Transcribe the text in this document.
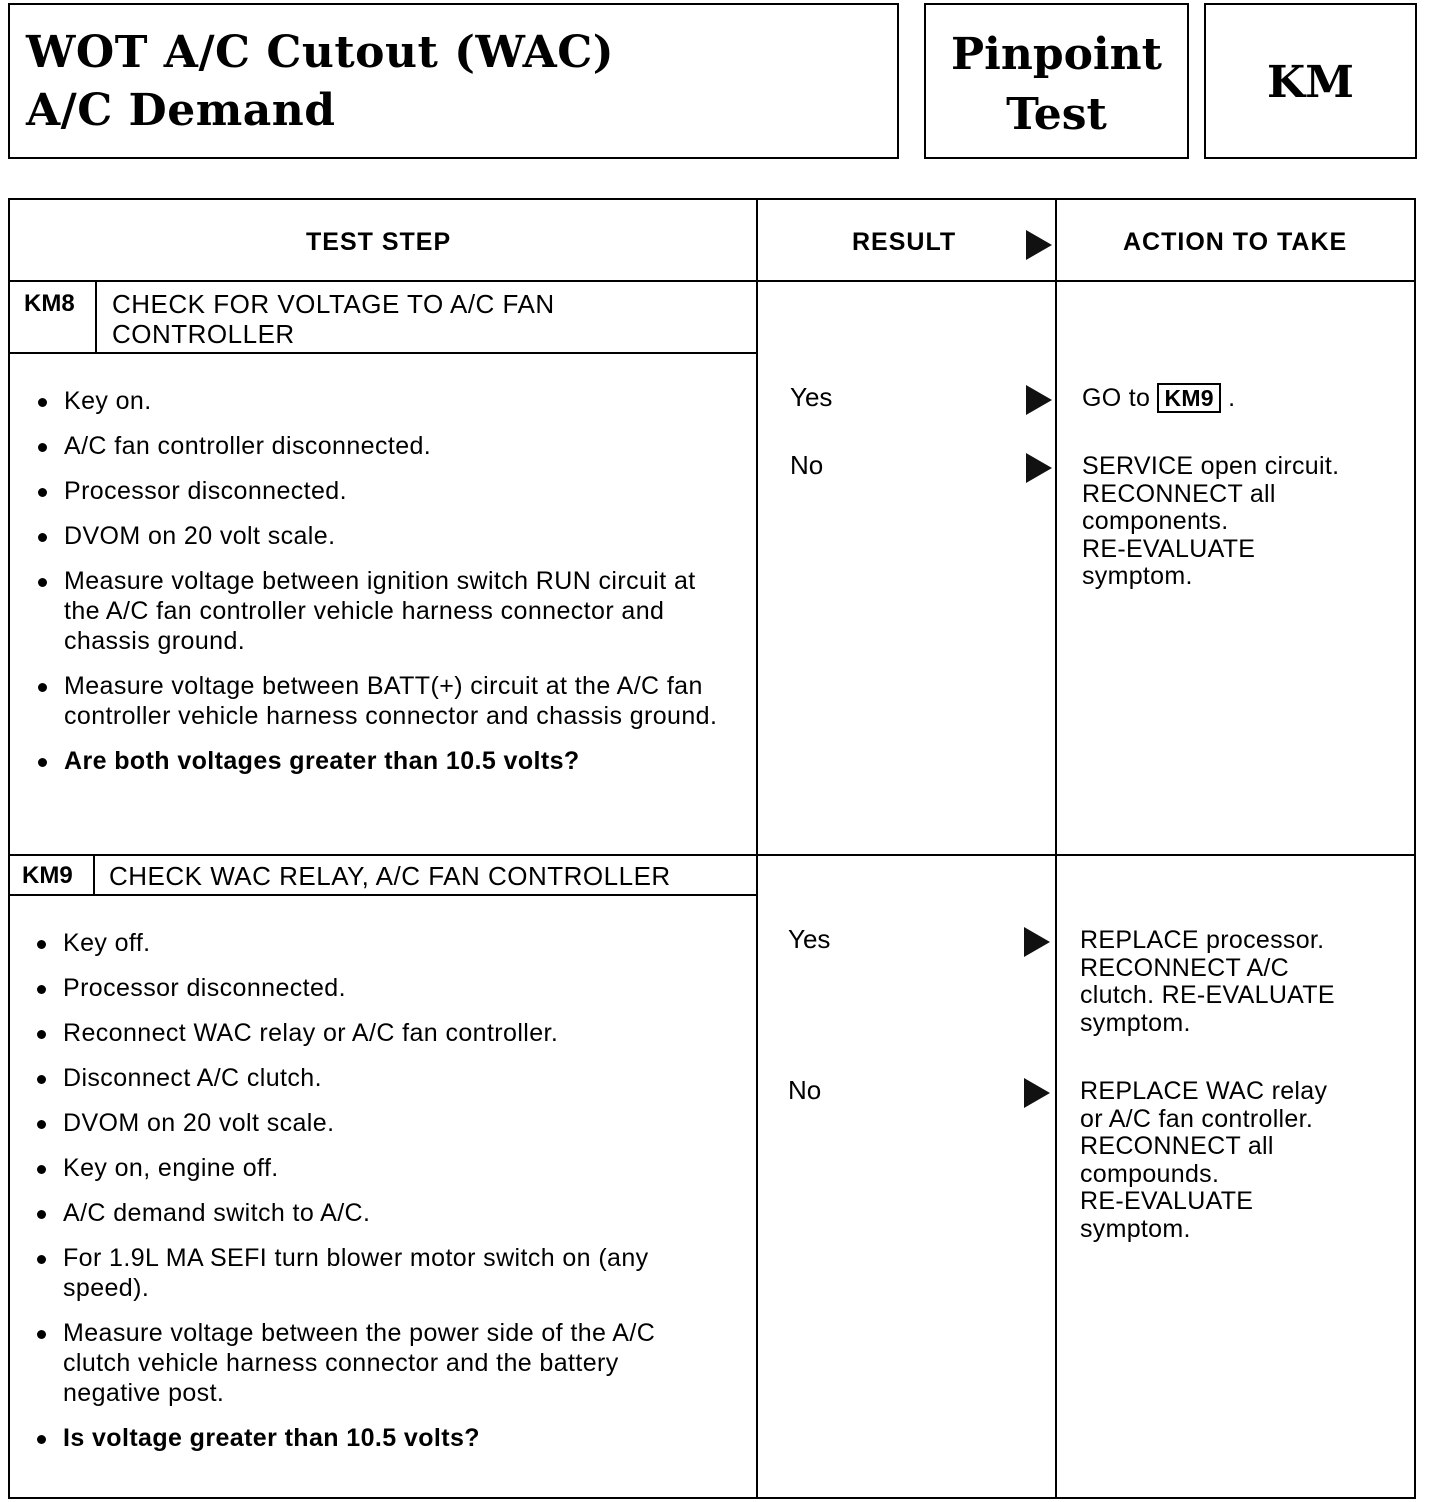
WOT A/C Cutout (WAC)
A/C Demand
Pinpoint
Test
KM
TEST STEP	RESULT	ACTION TO TAKE
KM8 CHECK FOR VOLTAGE TO A/C FAN
CONTROLLER
Key on.
A/C fan controller disconnected.
Processor disconnected.
DVOM on 20 volt scale.
Measure voltage between ignition switch RUN circuit at the A/C fan controller vehicle harness connector and chassis ground.
Measure voltage between BATT(+) circuit at the A/C fan controller vehicle harness connector and chassis ground.
Are both voltages greater than 10.5 volts?
Yes	GO to KM9 .
No	SERVICE open circuit.
RECONNECT all
components.
RE-EVALUATE
symptom.
KM9 CHECK WAC RELAY, A/C FAN CONTROLLER
Key off.
Processor disconnected.
Reconnect WAC relay or A/C fan controller.
Disconnect A/C clutch.
DVOM on 20 volt scale.
Key on, engine off.
A/C demand switch to A/C.
For 1.9L MA SEFI turn blower motor switch on (any speed).
Measure voltage between the power side of the A/C clutch vehicle harness connector and the battery negative post.
Is voltage greater than 10.5 volts?
Yes	REPLACE processor.
RECONNECT A/C
clutch. RE-EVALUATE
symptom.
No	REPLACE WAC relay
or A/C fan controller.
RECONNECT all
compounds.
RE-EVALUATE
symptom.
